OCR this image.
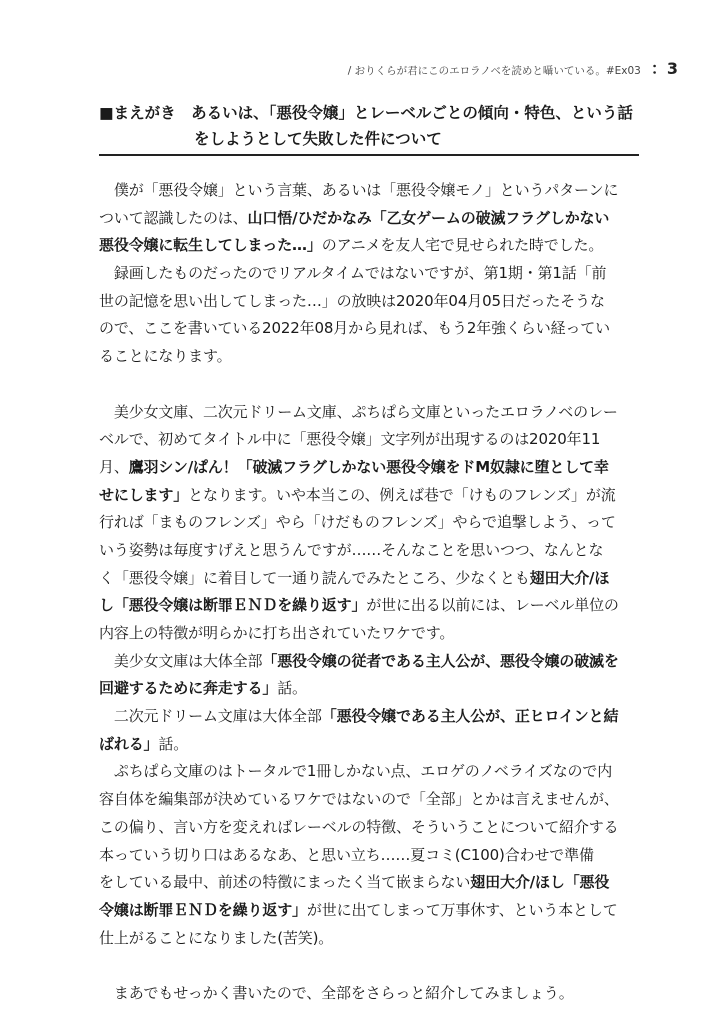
/ おりくらが君にこのエロラノベを読めと囁いている。#Ex03 ：3
■まえがき　あるいは、「悪役令嬢」とレーベルごとの傾向・特色、という話
をしようとして失敗した件について
　僕が「悪役令嬢」という言葉、あるいは「悪役令嬢モノ」というパターンに
ついて認識したのは、山口悟/ひだかなみ「乙女ゲームの破滅フラグしかない
悪役令嬢に転生してしまった…」のアニメを友人宅で見せられた時でした。
　録画したものだったのでリアルタイムではないですが、第1期・第1話「前
世の記憶を思い出してしまった…」の放映は2020年04月05日だったそうな
ので、ここを書いている2022年08月から見れば、もう2年強くらい経ってい
ることになります。
　美少女文庫、二次元ドリーム文庫、ぷちぱら文庫といったエロラノベのレー
ベルで、初めてタイトル中に「悪役令嬢」文字列が出現するのは2020年11
月、鷹羽シン/ぱん！「破滅フラグしかない悪役令嬢をドM奴隷に堕として幸
せにします」となります。いや本当この、例えば巷で「けものフレンズ」が流
行れば「まものフレンズ」やら「けだものフレンズ」やらで追撃しよう、って
いう姿勢は毎度すげえと思うんですが……そんなことを思いつつ、なんとな
く「悪役令嬢」に着目して一通り読んでみたところ、少なくとも翅田大介/ほ
し「悪役令嬢は断罪ＥＮＤを繰り返す」が世に出る以前には、レーベル単位の
内容上の特徴が明らかに打ち出されていたワケです。
　美少女文庫は大体全部「悪役令嬢の従者である主人公が、悪役令嬢の破滅を
回避するために奔走する」話。
　二次元ドリーム文庫は大体全部「悪役令嬢である主人公が、正ヒロインと結
ばれる」話。
　ぷちぱら文庫のはトータルで1冊しかない点、エロゲのノベライズなので内
容自体を編集部が決めているワケではないので「全部」とかは言えませんが、
この偏り、言い方を変えればレーベルの特徴、そういうことについて紹介する
本っていう切り口はあるなあ、と思い立ち……夏コミ(C100)合わせで準備
をしている最中、前述の特徴にまったく当て嵌まらない翅田大介/ほし「悪役
令嬢は断罪ＥＮＤを繰り返す」が世に出てしまって万事休す、という本として
仕上がることになりました(苦笑)。
　まあでもせっかく書いたので、全部をさらっと紹介してみましょう。
